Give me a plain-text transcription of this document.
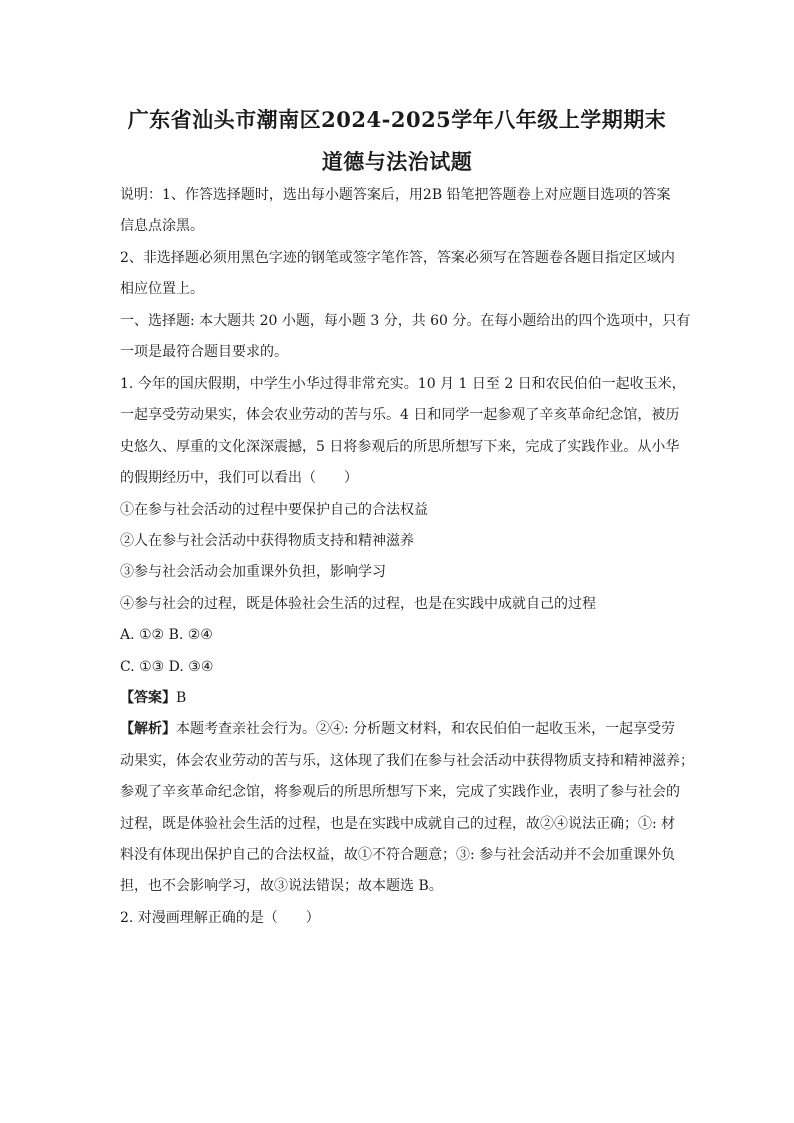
广东省汕头市潮南区2024-2025学年八年级上学期期末
道德与法治试题
说明：1、作答选择题时，选出每小题答案后，用2B 铅笔把答题卷上对应题目选项的答案
信息点涂黑。
2、非选择题必须用黑色字迹的钢笔或签字笔作答，答案必须写在答题卷各题目指定区域内
相应位置上。
一、选择题: 本大题共 20 小题，每小题 3 分，共 60 分。在每小题给出的四个选项中，只有
一项是最符合题目要求的。
1. 今年的国庆假期，中学生小华过得非常充实。10 月 1 日至 2 日和农民伯伯一起收玉米，
一起享受劳动果实，体会农业劳动的苦与乐。4 日和同学一起参观了辛亥革命纪念馆，被历
史悠久、厚重的文化深深震撼，5 日将参观后的所思所想写下来，完成了实践作业。从小华
的假期经历中，我们可以看出（　　）
①在参与社会活动的过程中要保护自己的合法权益
②人在参与社会活动中获得物质支持和精神滋养
③参与社会活动会加重课外负担，影响学习
④参与社会的过程，既是体验社会生活的过程，也是在实践中成就自己的过程
A. ①② B. ②④
C. ①③ D. ③④
【答案】B
【解析】本题考查亲社会行为。②④: 分析题文材料，和农民伯伯一起收玉米，一起享受劳
动果实，体会农业劳动的苦与乐，这体现了我们在参与社会活动中获得物质支持和精神滋养；
参观了辛亥革命纪念馆，将参观后的所思所想写下来，完成了实践作业，表明了参与社会的
过程，既是体验社会生活的过程，也是在实践中成就自己的过程，故②④说法正确；①: 材
料没有体现出保护自己的合法权益，故①不符合题意；③: 参与社会活动并不会加重课外负
担，也不会影响学习，故③说法错误；故本题选 B。
2. 对漫画理解正确的是（　　）
